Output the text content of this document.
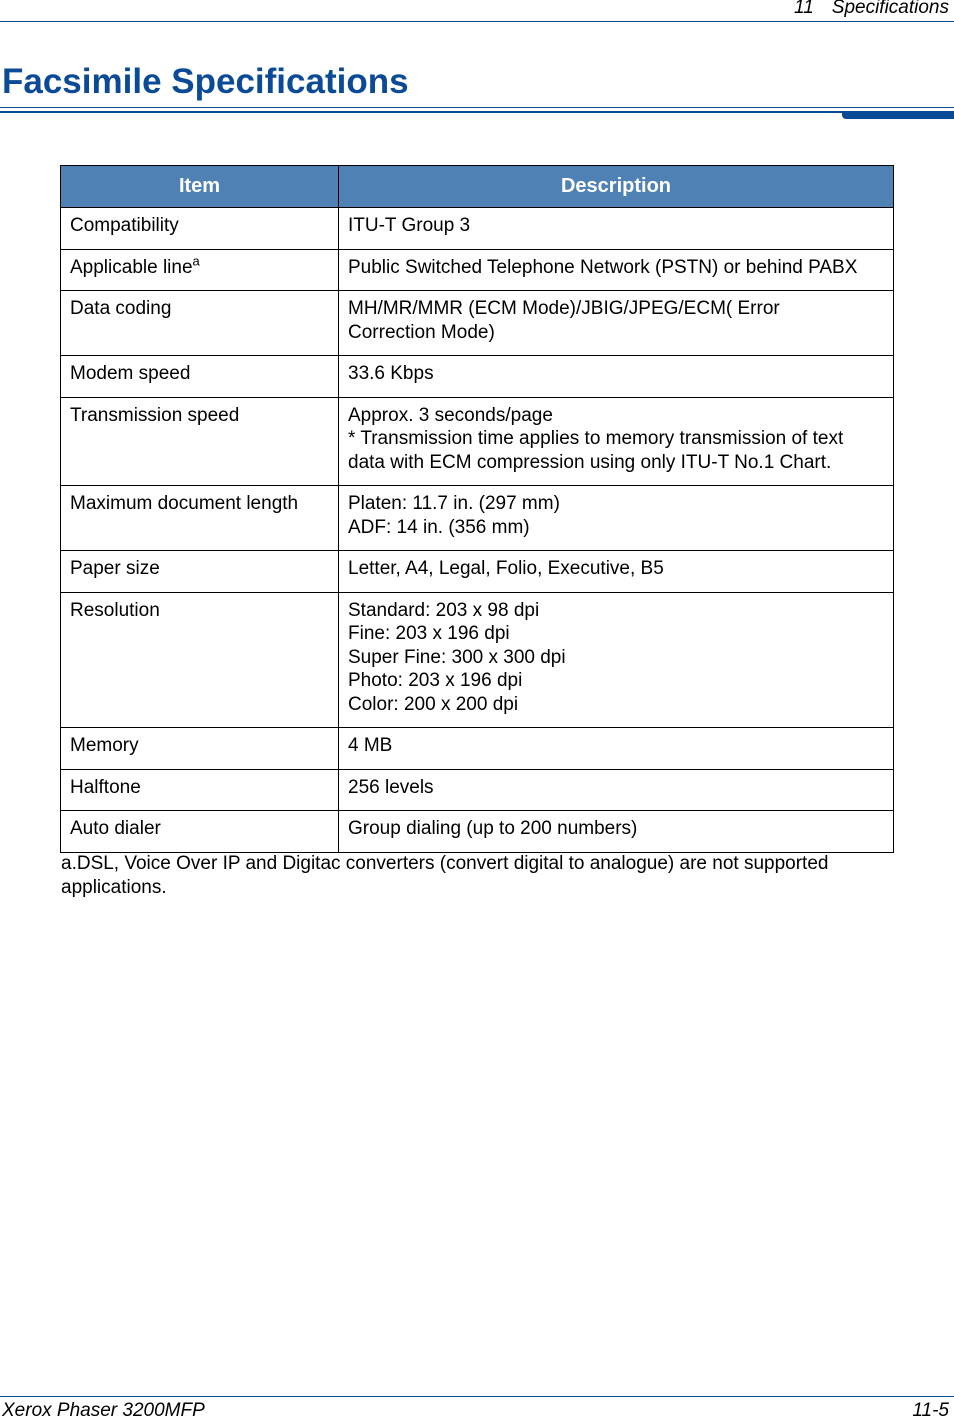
11 Specifications
Facsimile Specifications
Item	Description
Compatibility	ITU-T Group 3

Applicable line$^a$	Public Switched Telephone Network (PSTN) or behind PABX

Data coding	MH/MR/MMR (ECM Mode)/JBIG/JPEG/ECM( Error
Correction Mode)

Modem speed	33.6 Kbps

Transmission speed	Approx. 3 seconds/page
* Transmission time applies to memory transmission of text
data with ECM compression using only ITU-T No.1 Chart.

Maximum document length	Platen: 11.7 in. (297 mm)
ADF: 14 in. (356 mm)

Paper size	Letter, A4, Legal, Folio, Executive, B5

Resolution	Standard: 203 x 98 dpi
Fine: 203 x 196 dpi
Super Fine: 300 x 300 dpi
Photo: 203 x 196 dpi
Color: 200 x 200 dpi

Memory	4 MB

Halftone	256 levels

Auto dialer	Group dialing (up to 200 numbers)
a.DSL, Voice Over IP and Digitac converters (convert digital to analogue) are not supported applications.
Xerox Phaser 3200MFP	11-5
